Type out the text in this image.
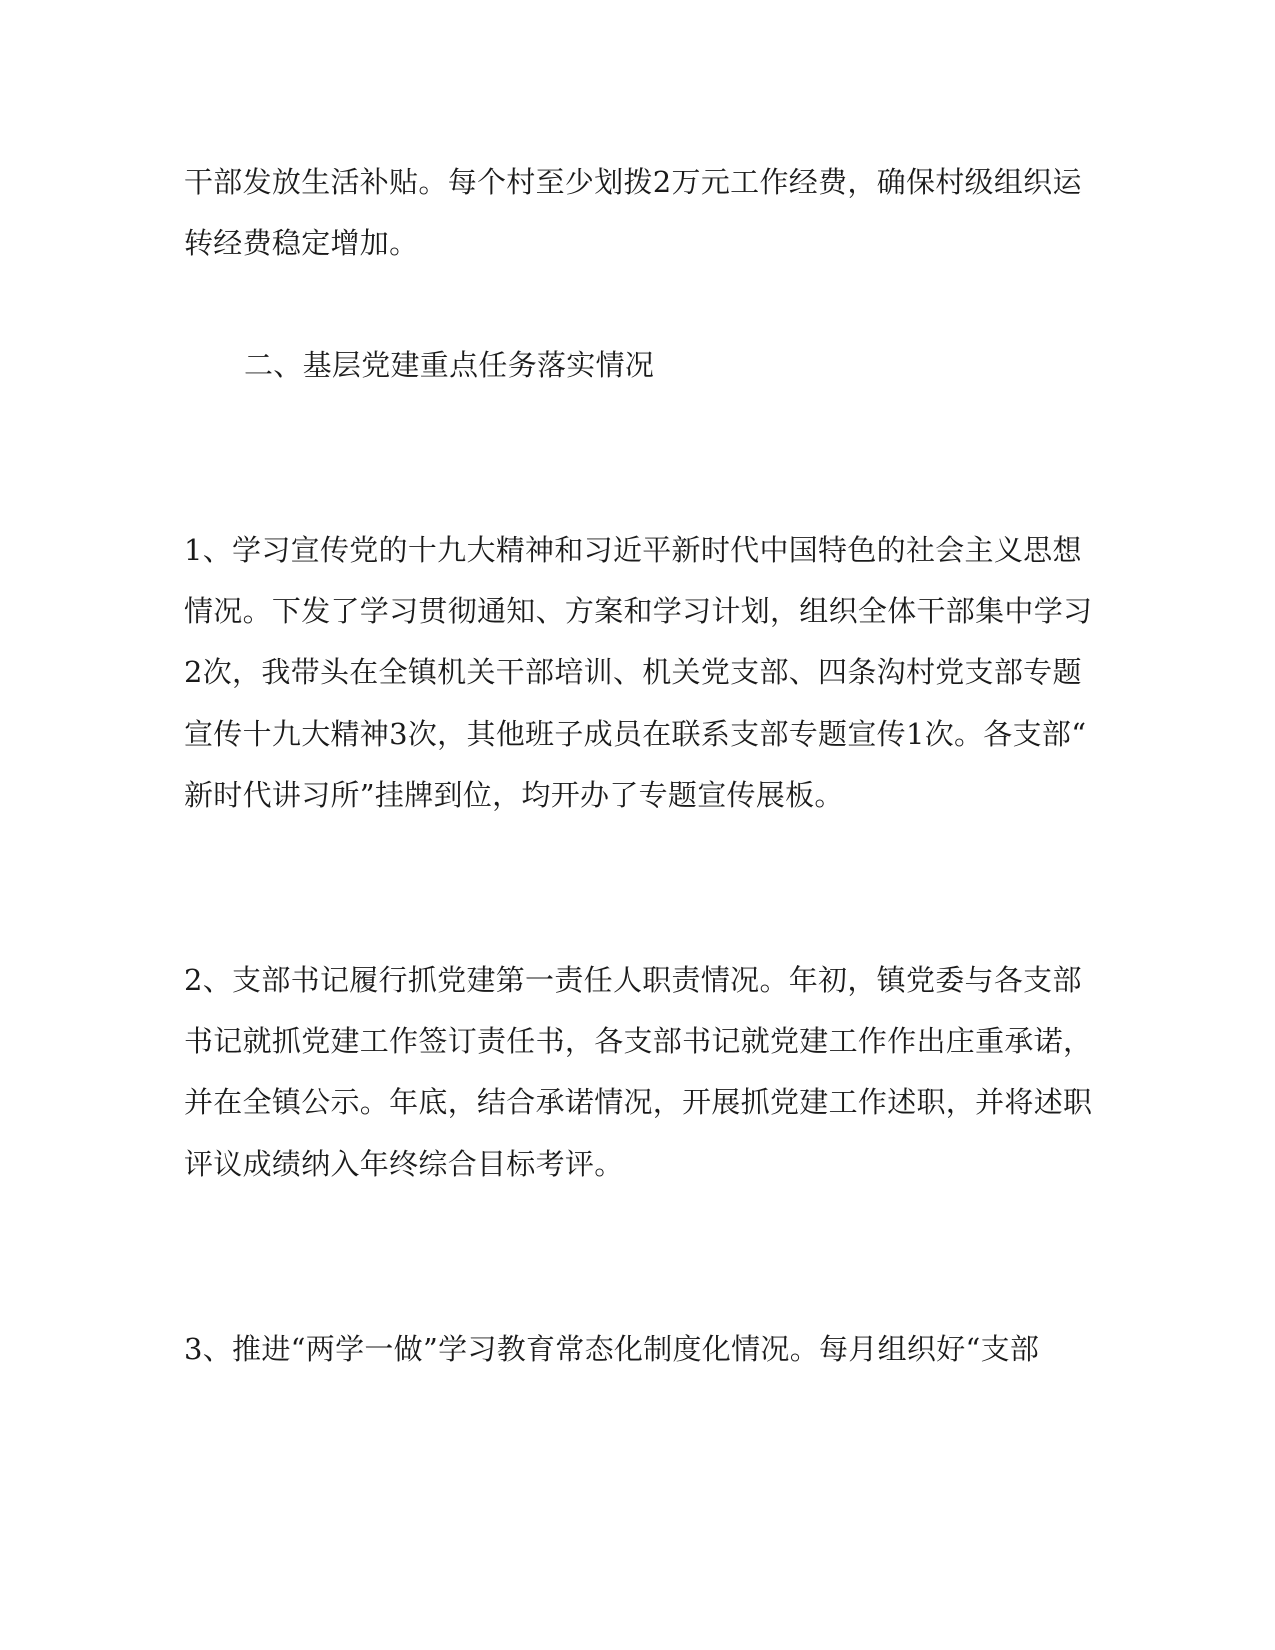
干部发放生活补贴。每个村至少划拨2万元工作经费，确保村级组织运

转经费稳定增加。

二、基层党建重点任务落实情况

1、学习宣传党的十九大精神和习近平新时代中国特色的社会主义思想

情况。下发了学习贯彻通知、方案和学习计划，组织全体干部集中学习

2次，我带头在全镇机关干部培训、机关党支部、四条沟村党支部专题

宣传十九大精神3次，其他班子成员在联系支部专题宣传1次。各支部“

新时代讲习所”挂牌到位，均开办了专题宣传展板。

2、支部书记履行抓党建第一责任人职责情况。年初，镇党委与各支部

书记就抓党建工作签订责任书，各支部书记就党建工作作出庄重承诺，

并在全镇公示。年底，结合承诺情况，开展抓党建工作述职，并将述职

评议成绩纳入年终综合目标考评。

3、推进“两学一做”学习教育常态化制度化情况。每月组织好“支部
